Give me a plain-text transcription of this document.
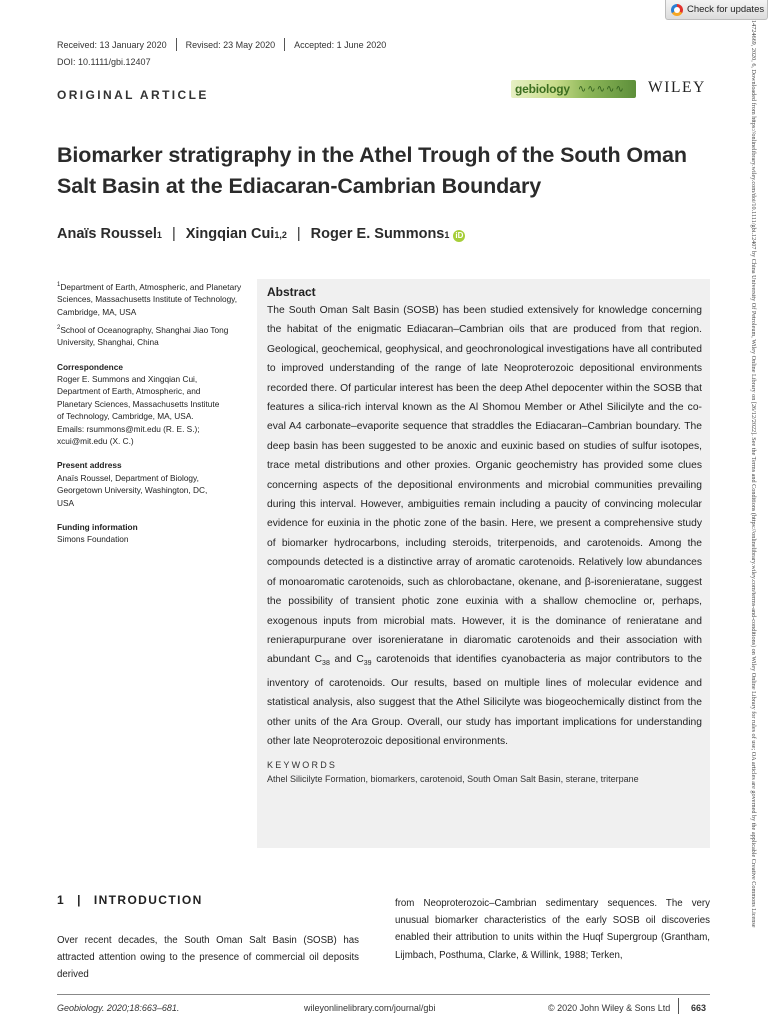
Check for updates
Received: 13 January 2020 Revised: 23 May 2020 Accepted: 1 June 2020
DOI: 10.1111/gbi.12407
ORIGINAL ARTICLE	gebiology ∿∿∿∿∿ WILEY
Biomarker stratigraphy in the Athel Trough of the South Oman Salt Basin at the Ediacaran-Cambrian Boundary
Anaïs Roussel 1 | Xingqian Cui 1,2 | Roger E. Summons 1 iD

$^1$Department of Earth, Atmospheric, and Planetary Sciences, Massachusetts Institute of Technology, Cambridge, MA, USA

$^2$School of Oceanography, Shanghai Jiao Tong University, Shanghai, China

Correspondence

Roger E. Summons and Xingqian Cui,

Department of Earth, Atmospheric, and

Planetary Sciences, Massachusetts Institute

of Technology, Cambridge, MA, USA.

Emails: rsummons@mit.edu (R. E. S.);

xcui@mit.edu (X. C.)

Present address

Anaïs Roussel, Department of Biology,

Georgetown University, Washington, DC,

USA

Funding information

Simons Foundation

Abstract

The South Oman Salt Basin (SOSB) has been studied extensively for knowledge concerning the habitat of the enigmatic Ediacaran–Cambrian oils that are produced from that region. Geological, geochemical, geophysical, and geochronological investigations have all contributed to improved understanding of the range of late Neoproterozoic depositional environments recorded there. Of particular interest has been the deep Athel depocenter within the SOSB that features a silica-rich interval known as the Al Shomou Member or Athel Silicilyte and the co-eval A4 carbonate–evaporite sequence that straddles the Ediacaran–Cambrian boundary. The deep basin has been suggested to be anoxic and euxinic based on studies of sulfur isotopes, trace metal distributions and other proxies. Organic geochemistry has provided some clues concerning aspects of the depositional environments and microbial communities prevailing during this interval. However, ambiguities remain including a paucity of convincing molecular evidence for euxinia in the photic zone of the basin. Here, we present a comprehensive study of biomarker hydrocarbons, including steroids, triterpenoids, and carotenoids. Among the compounds detected is a distinctive array of aromatic carotenoids. Relatively low abundances of monoaromatic carotenoids, such as chlorobactane, okenane, and β-isorenieratane, suggest the possibility of transient photic zone euxinia with a shallow chemocline or, perhaps, exogenous inputs from microbial mats. However, it is the dominance of renieratane and renierapurpurane over isorenieratane in diaromatic carotenoids and their association with abundant $C_{38}$ and $C_{39}$ carotenoids that identifies cyanobacteria as major contributors to the inventory of carotenoids. Our results, based on multiple lines of molecular evidence and statistical analysis, also suggest that the Athel Silicilyte was biogeochemically distinct from the other units of the Ara Group. Overall, our study has important implications for understanding other late Neoproterozoic depositional environments.

KEYWORDS
Athel Silicilyte Formation, biomarkers, carotenoid, South Oman Salt Basin, sterane, triterpane
1 | INTRODUCTION
Over recent decades, the South Oman Salt Basin (SOSB) has attracted attention owing to the presence of commercial oil deposits derived
from Neoproterozoic–Cambrian sedimentary sequences. The very unusual biomarker characteristics of the early SOSB oil discoveries enabled their attribution to units within the Huqf Supergroup (Grantham, Lijmbach, Posthuma, Clarke, & Willink, 1988; Terken,
Geobiology. 2020;18:663–681.	wileyonlinelibrary.com/journal/gbi	© 2020 John Wiley & Sons Ltd 663
14724669, 2020, 6, Downloaded from https://onlinelibrary.wiley.com/doi/10.1111/gbi.12407 by China University Of Petroleum, Wiley Online Library on [26/12/2022]. See the Terms and Conditions (https://onlinelibrary.wiley.com/terms-and-conditions) on Wiley Online Library for rules of use; OA articles are governed by the applicable Creative Commons License
